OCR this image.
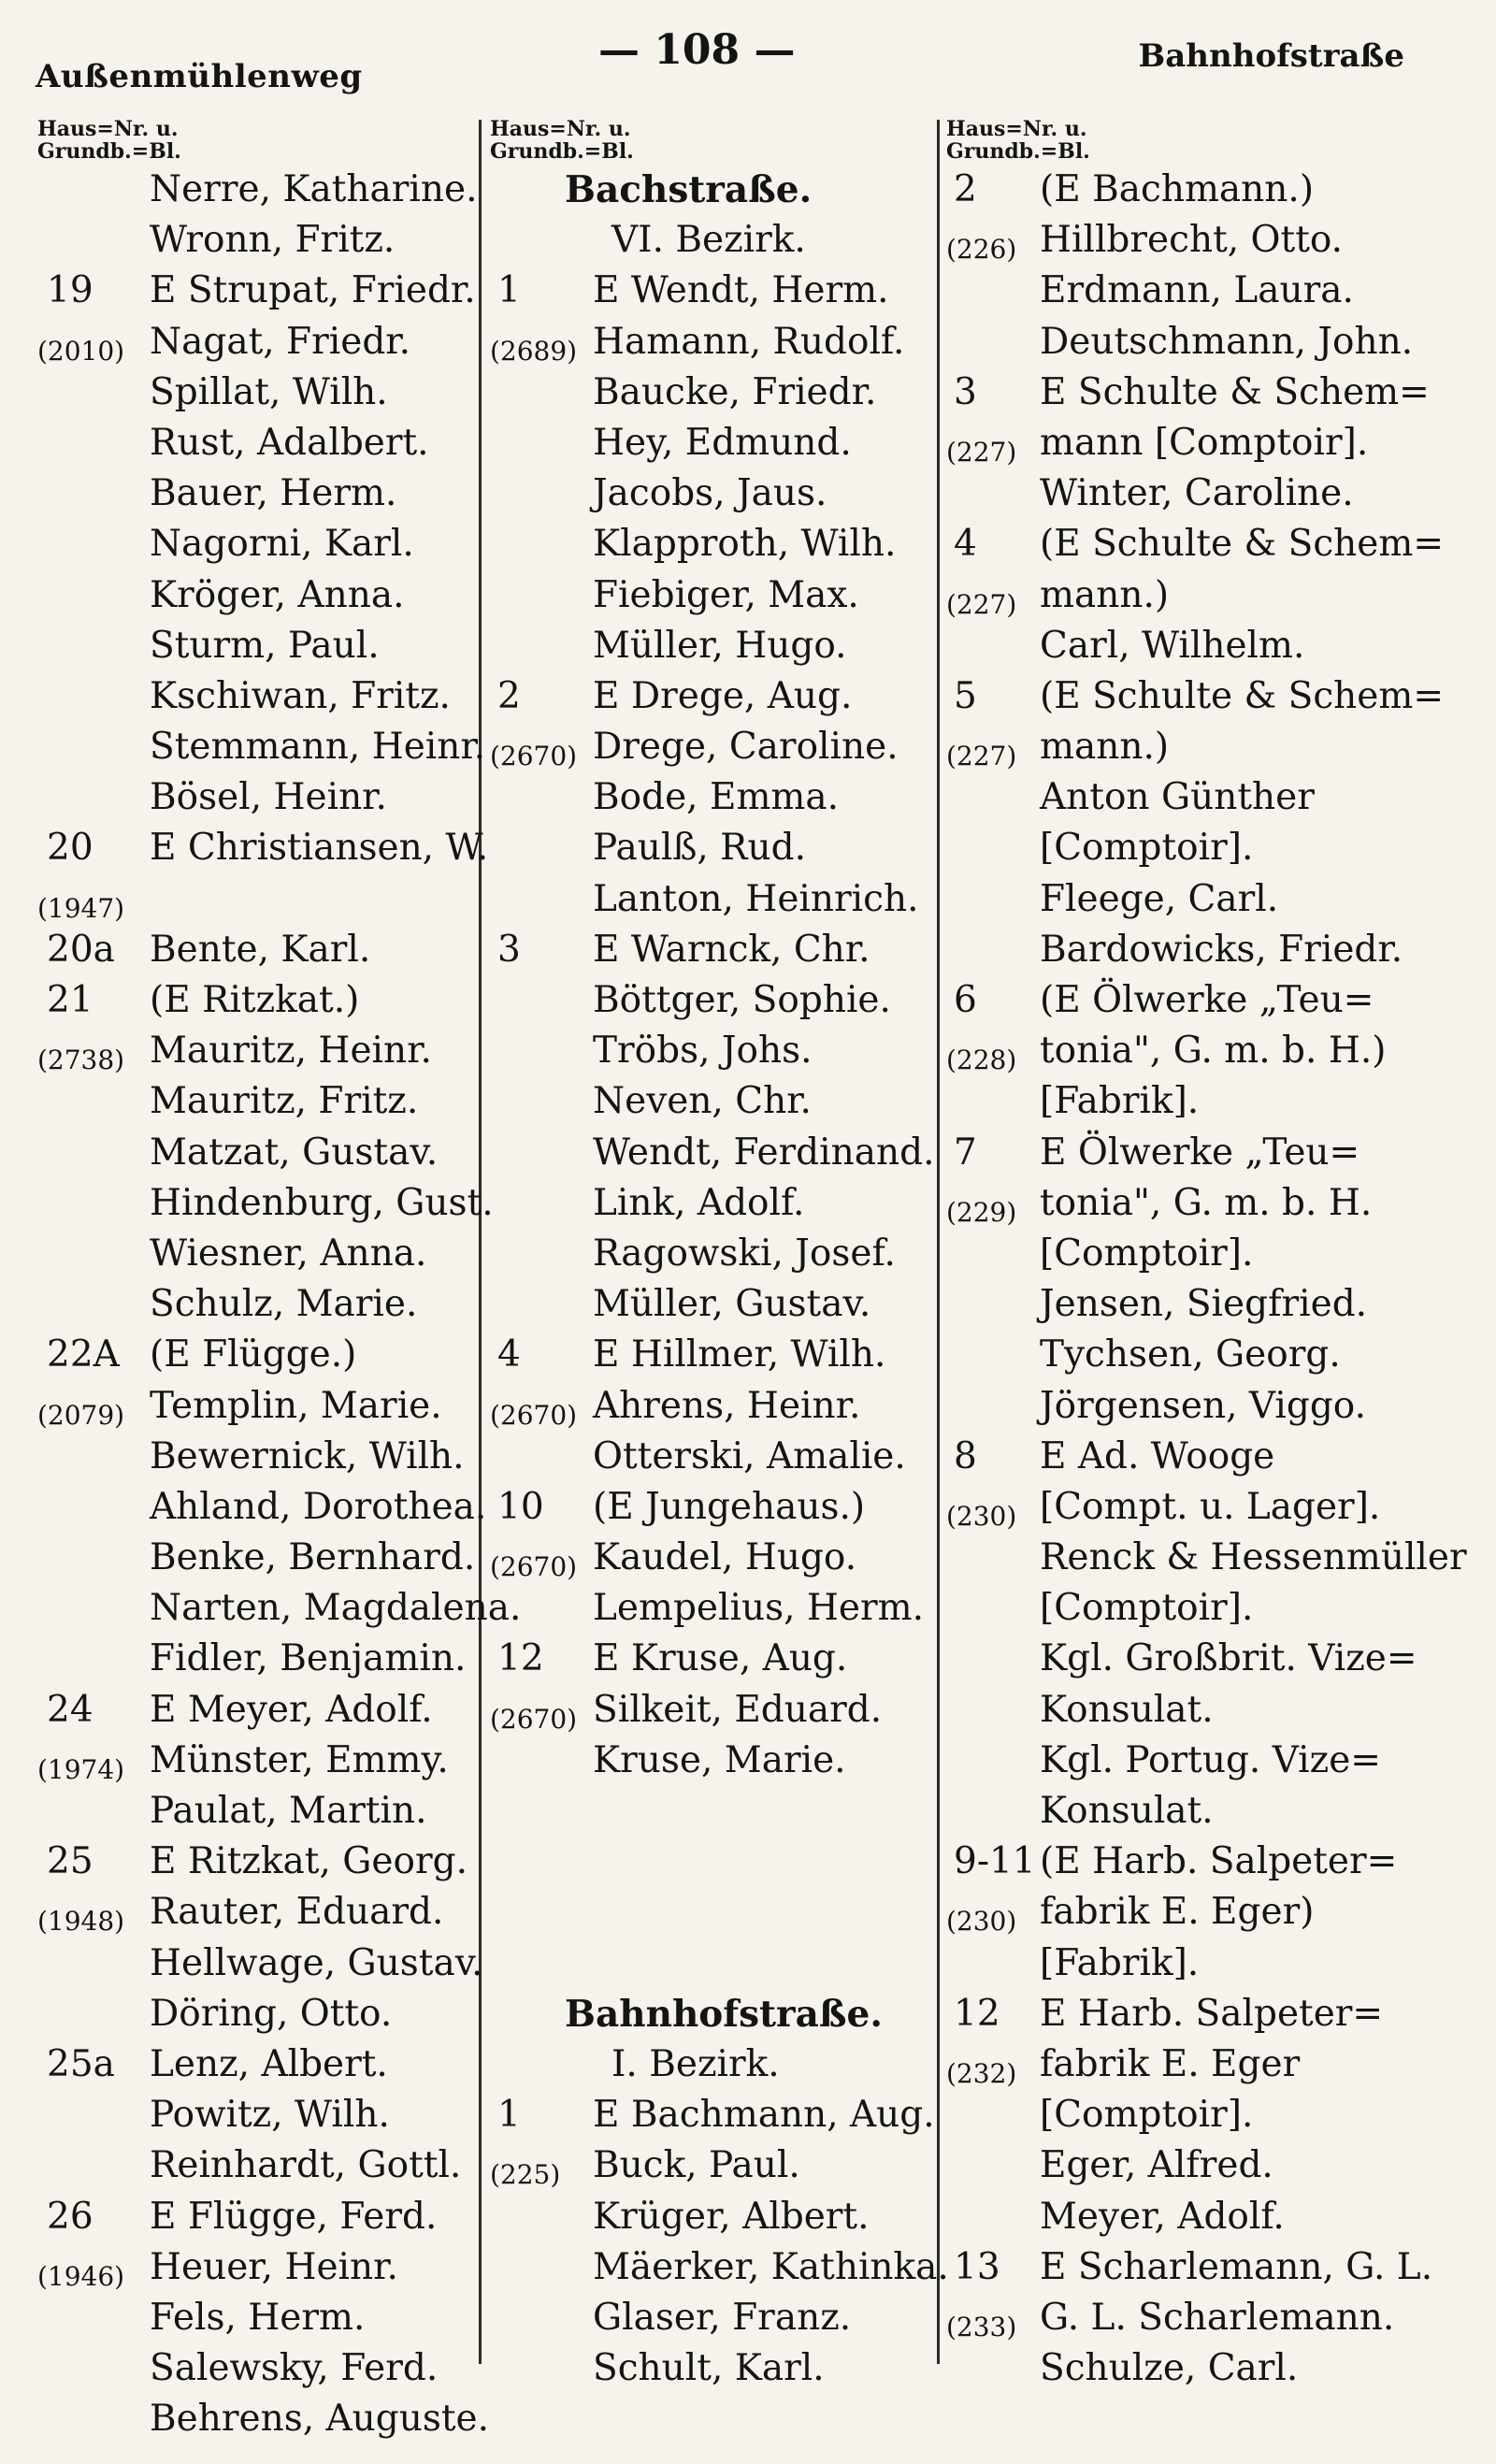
Außenmühlenweg
— 108 —	Bahnhofstraße
Haus=Nr. u.
Grundb.=Bl.
Nerre, Katharine.
Wronn, Fritz.
19 E Strupat, Friedr.
(2010) Nagat, Friedr.
Spillat, Wilh.
Rust, Adalbert.
Bauer, Herm.
Nagorni, Karl.
Kröger, Anna.
Sturm, Paul.
Kschiwan, Fritz.
Stemmann, Heinr.
Bösel, Heinr.
20 E Christiansen, W.
(1947)
20a Bente, Karl.
21 (E Ritzkat.)
(2738) Mauritz, Heinr.
Mauritz, Fritz.
Matzat, Gustav.
Hindenburg, Gust.
Wiesner, Anna.
Schulz, Marie.
22A (E Flügge.)
(2079) Templin, Marie.
Bewernick, Wilh.
Ahland, Dorothea.
Benke, Bernhard.
Narten, Magdalena.
Fidler, Benjamin.
24 E Meyer, Adolf.
(1974) Münster, Emmy.
Paulat, Martin.
25 E Ritzkat, Georg.
(1948) Rauter, Eduard.
Hellwage, Gustav.
Döring, Otto.
25a Lenz, Albert.
Powitz, Wilh.
Reinhardt, Gottl.
26 E Flügge, Ferd.
(1946) Heuer, Heinr.
Fels, Herm.
Salewsky, Ferd.
Behrens, Auguste.
Haus=Nr. u.
Grundb.=Bl.
Bachstraße.
VI. Bezirk.
1 E Wendt, Herm.
(2689) Hamann, Rudolf.
Baucke, Friedr.
Hey, Edmund.
Jacobs, Jaus.
Klapproth, Wilh.
Fiebiger, Max.
Müller, Hugo.
2 E Drege, Aug.
(2670) Drege, Caroline.
Bode, Emma.
Paulß, Rud.
Lanton, Heinrich.
3 E Warnck, Chr.
Böttger, Sophie.
Tröbs, Johs.
Neven, Chr.
Wendt, Ferdinand.
Link, Adolf.
Ragowski, Josef.
Müller, Gustav.
4 E Hillmer, Wilh.
(2670) Ahrens, Heinr.
Otterski, Amalie.
10 (E Jungehaus.)
(2670) Kaudel, Hugo.
Lempelius, Herm.
12 E Kruse, Aug.
(2670) Silkeit, Eduard.
Kruse, Marie.
Bahnhofstraße.
I. Bezirk.
1 E Bachmann, Aug.
(225) Buck, Paul.
Krüger, Albert.
Mäerker, Kathinka.
Glaser, Franz.
Schult, Karl.
Haus=Nr. u.
Grundb.=Bl.
2 (E Bachmann.)
(226) Hillbrecht, Otto.
Erdmann, Laura.
Deutschmann, John.
3 E Schulte & Schem=
(227) mann [Comptoir].
Winter, Caroline.
4 (E Schulte & Schem=
(227) mann.)
Carl, Wilhelm.
5 (E Schulte & Schem=
(227) mann.)
Anton Günther
[Comptoir].
Fleege, Carl.
Bardowicks, Friedr.
6 (E Ölwerke „Teu=
(228) tonia", G. m. b. H.)
[Fabrik].
7 E Ölwerke „Teu=
(229) tonia", G. m. b. H.
[Comptoir].
Jensen, Siegfried.
Tychsen, Georg.
Jörgensen, Viggo.
8 E Ad. Wooge
(230) [Compt. u. Lager].
Renck & Hessenmüller
[Comptoir].
Kgl. Großbrit. Vize=
Konsulat.
Kgl. Portug. Vize=
Konsulat.
9-11 (E Harb. Salpeter=
(230) fabrik E. Eger)
[Fabrik].
12 E Harb. Salpeter=
(232) fabrik E. Eger
[Comptoir].
Eger, Alfred.
Meyer, Adolf.
13 E Scharlemann, G. L.
(233) G. L. Scharlemann.
Schulze, Carl.
